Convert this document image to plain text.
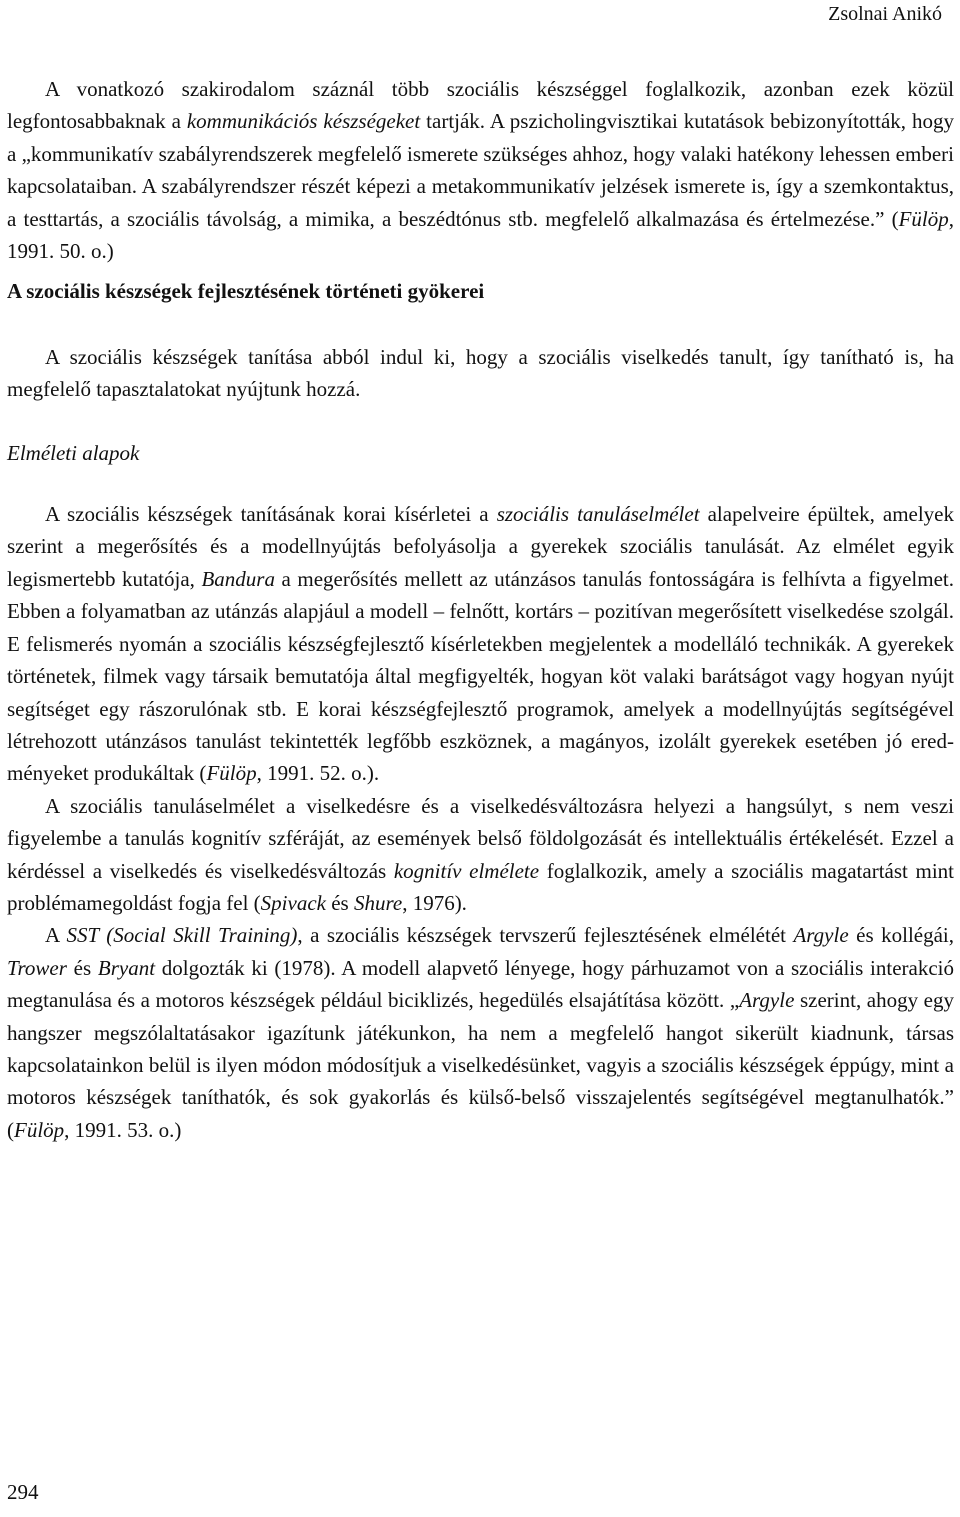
Zsolnai Anikó

A vonatkozó szakirodalom száznál több szociális készséggel foglalkozik, azonban ezek közül legfontosabbaknak a kommunikációs készségeket tartják. A pszicholingvisztikai kutatások bebizonyították, hogy a „kommunikatív szabályrendszerek megfelelő ismerete szükséges ahhoz, hogy valaki hatékony lehessen emberi kapcsolataiban. A szabályrendszer részét képezi a metakommunikatív jelzések ismerete is, így a szemkontaktus, a testtartás, a szociális távolság, a mimika, a beszédtónus stb. megfelelő alkalmazása és értelmezése.” (Fülöp, 1991. 50. o.)

A szociális készségek fejlesztésének történeti gyökerei

A szociális készségek tanítása abból indul ki, hogy a szociális viselkedés tanult, így tanítható is, ha megfelelő tapasztalatokat nyújtunk hozzá.

Elméleti alapok

A szociális készségek tanításának korai kísérletei a szociális tanuláselmélet alapelveire épültek, amelyek szerint a megerősítés és a modellnyújtás befolyásolja a gyerekek szociális tanulását. Az elmélet egyik legismertebb kutatója, Bandura a megerősítés mellett az utánzásos tanulás fontosságára is felhívta a figyelmet. Ebben a folyamatban az utánzás alapjául a modell – felnőtt, kortárs – pozitívan megerősített viselkedése szolgál. E felismerés nyomán a szociális készségfejlesztő kísérletekben megjelentek a modelláló technikák. A gyerekek történetek, filmek vagy társaik bemutatója által megfigyelték, hogyan köt valaki barátságot vagy hogyan nyújt segítséget egy rászorulónak stb. E korai készségfejlesztő programok, amelyek a modellnyújtás segítségével létrehozott utánzásos tanulást tekintették legfőbb eszköznek, a magányos, izolált gyerekek esetében jó eredményeket produkáltak (Fülöp, 1991. 52. o.).

A szociális tanuláselmélet a viselkedésre és a viselkedésváltozásra helyezi a hangsúlyt, s nem veszi figyelembe a tanulás kognitív szféráját, az események belső földolgozását és intellektuális értékelését. Ezzel a kérdéssel a viselkedés és viselkedésváltozás kognitív elmélete foglalkozik, amely a szociális magatartást mint problémamegoldást fogja fel (Spivack és Shure, 1976).

A SST (Social Skill Training), a szociális készségek tervszerű fejlesztésének elmélétét Argyle és kollégái, Trower és Bryant dolgozták ki (1978). A modell alapvető lényege, hogy párhuzamot von a szociális interakció megtanulása és a motoros készségek például biciklizés, hegedülés elsajátítása között. „Argyle szerint, ahogy egy hangszer megszólaltatásakor igazítunk játékunkon, ha nem a megfelelő hangot sikerült kiadnunk, társas kapcsolatainkon belül is ilyen módon módosítjuk a viselkedésünket, vagyis a szociális készségek éppúgy, mint a motoros készségek taníthatók, és sok gyakorlás és külső-belső visszajelentés segítségével megtanulhatók.” (Fülöp, 1991. 53. o.)

294
